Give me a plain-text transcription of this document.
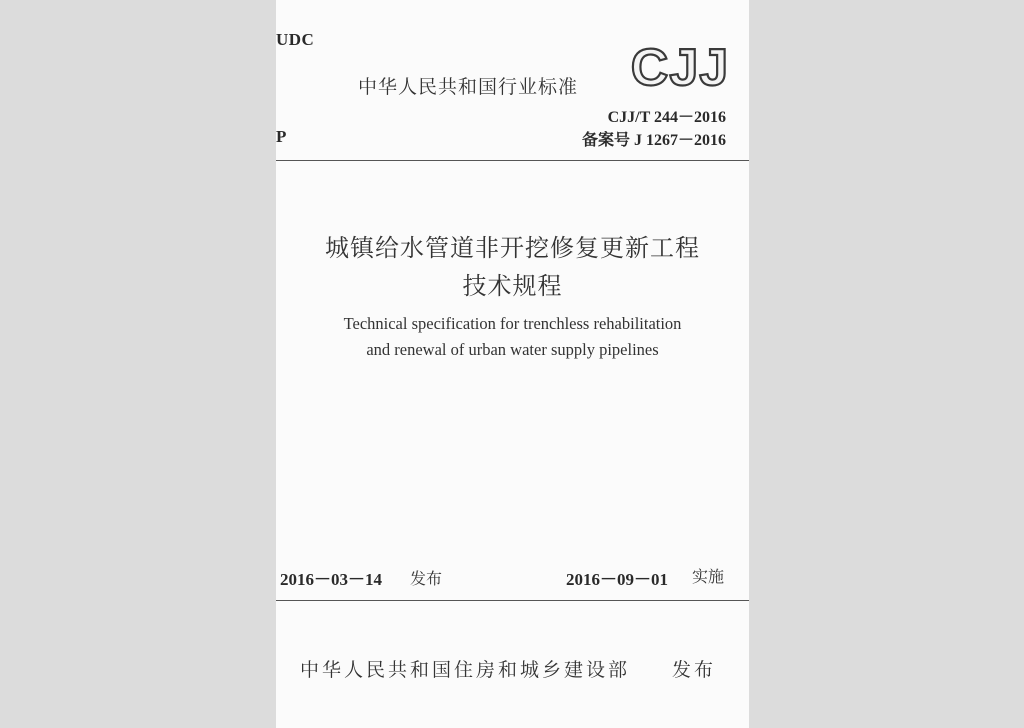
UDC
P
中华人民共和国行业标准 CJJ
CJJ/T 244－2016
备案号 J 1267－2016
城镇给水管道非开挖修复更新工程
技术规程
Technical specification for trenchless rehabilitation
and renewal of urban water supply pipelines
2016－03－14 发布	2016－09－01 实施
中华人民共和国住房和城乡建设部 发布
